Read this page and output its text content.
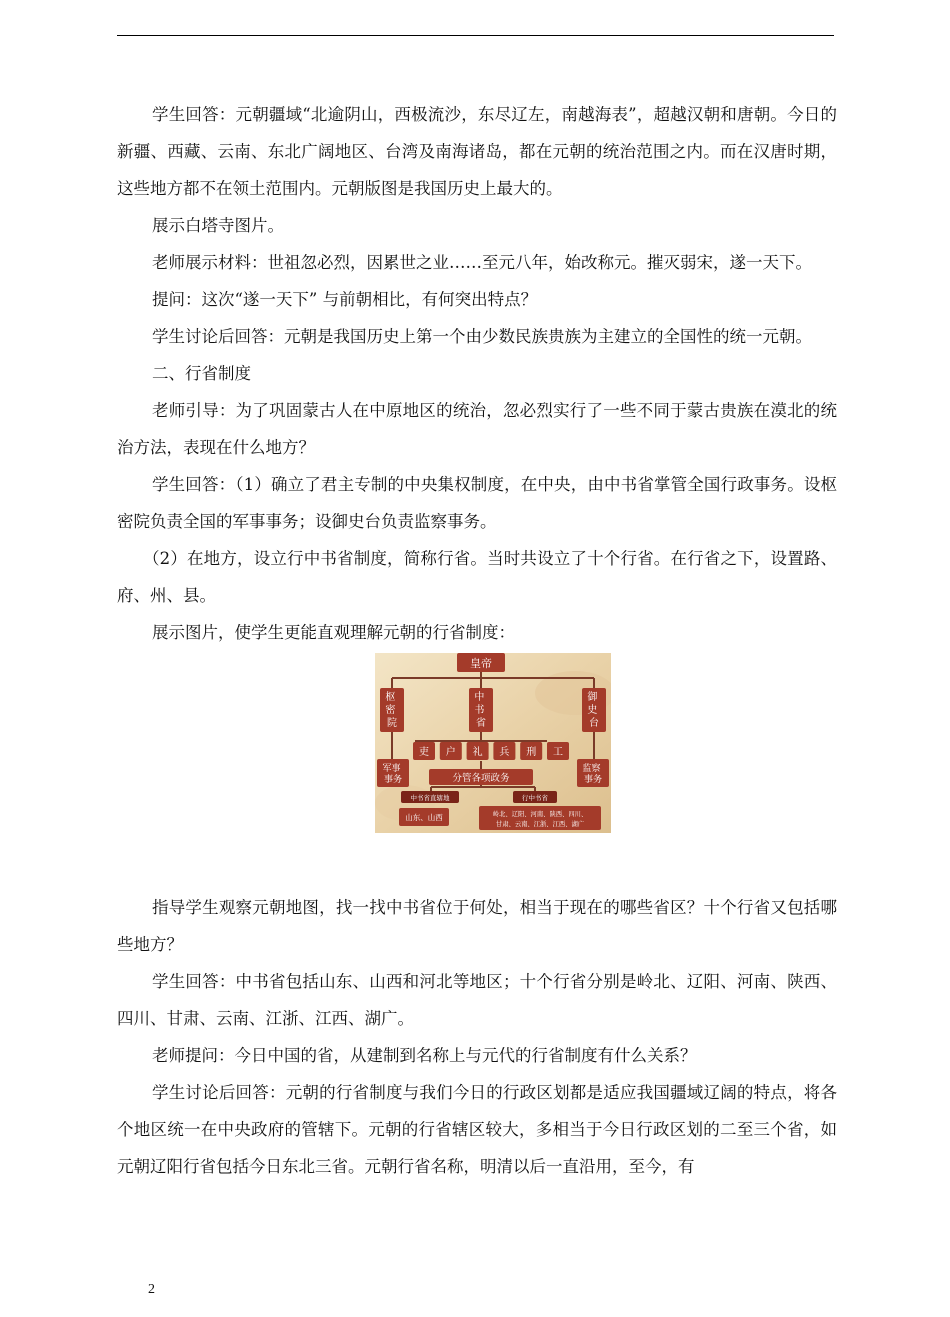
学生回答：元朝疆域“北逾阴山，西极流沙，东尽辽左，南越海表”，超越汉朝和唐朝。今日的新疆、西藏、云南、东北广阔地区、台湾及南海诸岛，都在元朝的统治范围之内。而在汉唐时期，这些地方都不在领土范围内。元朝版图是我国历史上最大的。

展示白塔寺图片。

老师展示材料：世祖忽必烈，因累世之业……至元八年，始改称元。摧灭弱宋，遂一天下。

提问：这次“遂一天下” 与前朝相比，有何突出特点？

学生讨论后回答：元朝是我国历史上第一个由少数民族贵族为主建立的全国性的统一元朝。

二、行省制度

老师引导：为了巩固蒙古人在中原地区的统治，忽必烈实行了一些不同于蒙古贵族在漠北的统治方法，表现在什么地方？

学生回答：（1）确立了君主专制的中央集权制度，在中央，由中书省掌管全国行政事务。设枢密院负责全国的军事事务；设御史台负责监察事务。

（2）在地方，设立行中书省制度，简称行省。当时共设立了十个行省。在行省之下，设置路、府、州、县。

展示图片，使学生更能直观理解元朝的行省制度：

皇帝
枢 密 院
中 书 省
御 史 台
吏 户 礼 兵 刑 工
军事 事务	分管各项政务
监察 事务
中书省直辖地	行中书省
山东、山西	岭北、辽阳、河南、陕西、四川、
甘肃、云南、江浙、江西、湖广

指导学生观察元朝地图，找一找中书省位于何处，相当于现在的哪些省区？十个行省又包括哪些地方？

学生回答：中书省包括山东、山西和河北等地区；十个行省分别是岭北、辽阳、河南、陕西、四川、甘肃、云南、江浙、江西、湖广。

老师提问：今日中国的省，从建制到名称上与元代的行省制度有什么关系？

学生讨论后回答：元朝的行省制度与我们今日的行政区划都是适应我国疆域辽阔的特点，将各个地区统一在中央政府的管辖下。元朝的行省辖区较大，多相当于今日行政区划的二至三个省，如元朝辽阳行省包括今日东北三省。元朝行省名称，明清以后一直沿用，至今，有

2
